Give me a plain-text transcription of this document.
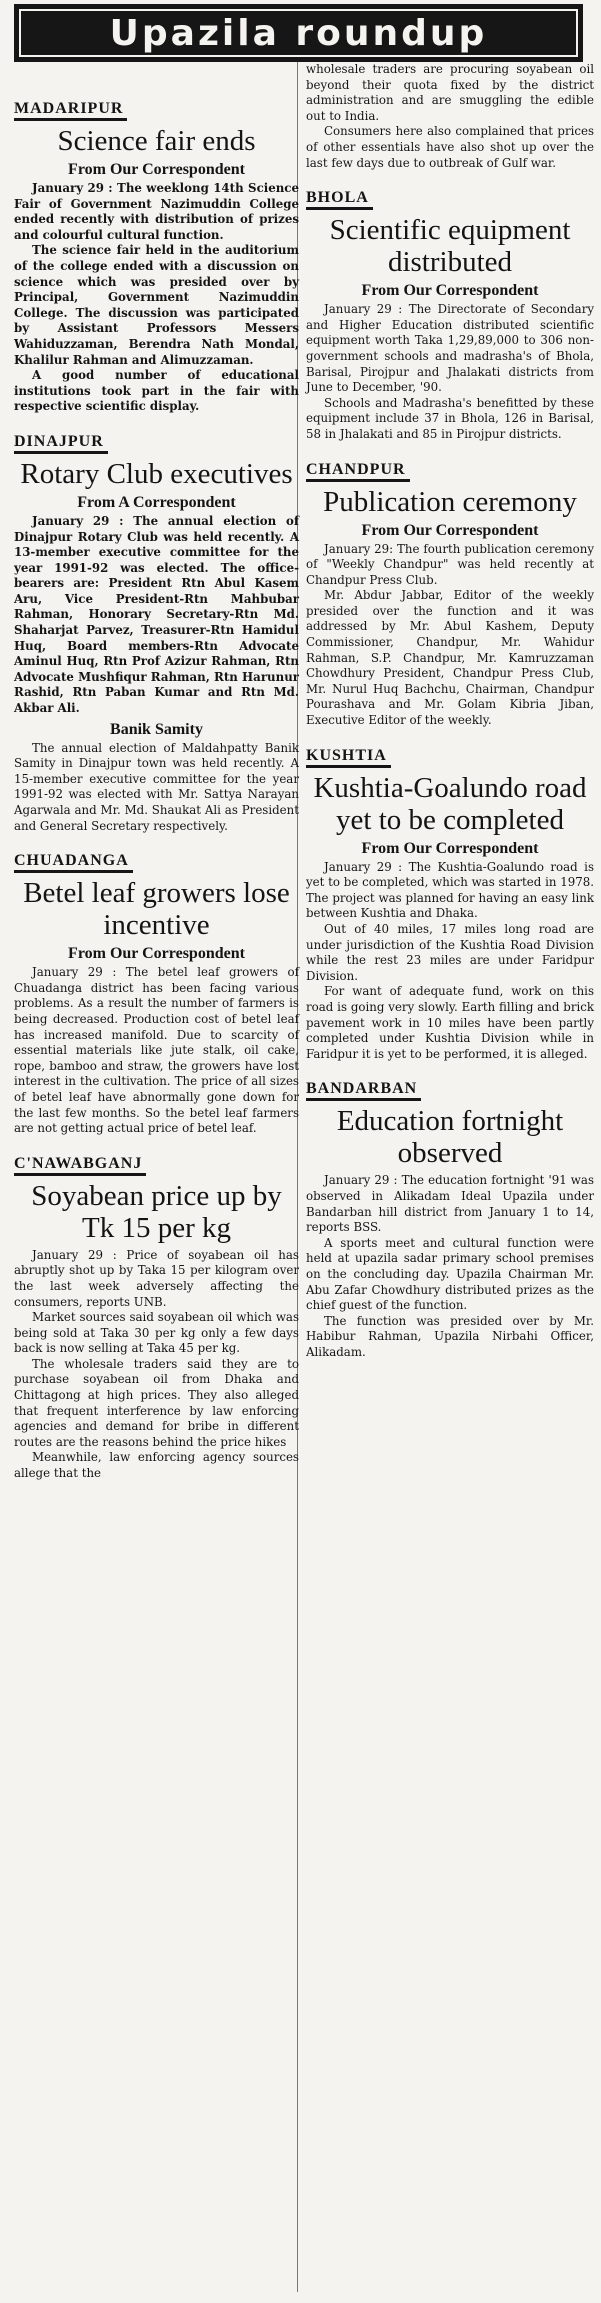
Upazila roundup
MADARIPUR
Science fair ends
From Our Correspondent

January 29 : The weeklong 14th Science Fair of Government Nazimuddin College ended recently with distribution of prizes and colourful cultural function.

The science fair held in the auditorium of the college ended with a discussion on science which was presided over by Principal, Government Nazimuddin College. The discussion was participated by Assistant Professors Messers Wahiduzzaman, Berendra Nath Mondal, Khalilur Rahman and Alimuzzaman.

A good number of educational institutions took part in the fair with respective scientific display.

DINAJPUR
Rotary Club executives
From A Correspondent

January 29 : The annual election of Dinajpur Rotary Club was held recently. A 13-member executive committee for the year 1991-92 was elected. The office-bearers are: President Rtn Abul Kasem Aru, Vice President-Rtn Mahbubar Rahman, Honorary Secretary-Rtn Md. Shaharjat Parvez, Treasurer-Rtn Hamidul Huq, Board members-Rtn Advocate Aminul Huq, Rtn Prof Azizur Rahman, Rtn Advocate Mushfiqur Rahman, Rtn Harunur Rashid, Rtn Paban Kumar and Rtn Md. Akbar Ali.

Banik Samity

The annual election of Maldahpatty Banik Samity in Dinajpur town was held recently. A 15-member executive committee for the year 1991-92 was elected with Mr. Sattya Narayan Agarwala and Mr. Md. Shaukat Ali as President and General Secretary respectively.

CHUADANGA
Betel leaf growers lose incentive
From Our Correspondent

January 29 : The betel leaf growers of Chuadanga district has been facing various problems. As a result the number of farmers is being decreased. Production cost of betel leaf has increased manifold. Due to scarcity of essential materials like jute stalk, oil cake, rope, bamboo and straw, the growers have lost interest in the cultivation. The price of all sizes of betel leaf have abnormally gone down for the last few months. So the betel leaf farmers are not getting actual price of betel leaf.

C'NAWABGANJ
Soyabean price up by Tk 15 per kg

January 29 : Price of soyabean oil has abruptly shot up by Taka 15 per kilogram over the last week adversely affecting the consumers, reports UNB.

Market sources said soyabean oil which was being sold at Taka 30 per kg only a few days back is now selling at Taka 45 per kg.

The wholesale traders said they are to purchase soyabean oil from Dhaka and Chittagong at high prices. They also alleged that frequent interference by law enforcing agencies and demand for bribe in different routes are the reasons behind the price hikes

Meanwhile, law enforcing agency sources allege that the

wholesale traders are procuring soyabean oil beyond their quota fixed by the district administration and are smuggling the edible out to India.

Consumers here also complained that prices of other essentials have also shot up over the last few days due to outbreak of Gulf war.

BHOLA
Scientific equipment distributed
From Our Correspondent

January 29 : The Directorate of Secondary and Higher Education distributed scientific equipment worth Taka 1,29,89,000 to 306 non-government schools and madrasha's of Bhola, Barisal, Pirojpur and Jhalakati districts from June to December, '90.

Schools and Madrasha's benefitted by these equipment include 37 in Bhola, 126 in Barisal, 58 in Jhalakati and 85 in Pirojpur districts.

CHANDPUR
Publication ceremony
From Our Correspondent

January 29: The fourth publication ceremony of "Weekly Chandpur" was held recently at Chandpur Press Club.

Mr. Abdur Jabbar, Editor of the weekly presided over the function and it was addressed by Mr. Abul Kashem, Deputy Commissioner, Chandpur, Mr. Wahidur Rahman, S.P. Chandpur, Mr. Kamruzzaman Chowdhury President, Chandpur Press Club, Mr. Nurul Huq Bachchu, Chairman, Chandpur Pourashava and Mr. Golam Kibria Jiban, Executive Editor of the weekly.

KUSHTIA
Kushtia-Goalundo road yet to be completed
From Our Correspondent

January 29 : The Kushtia-Goalundo road is yet to be completed, which was started in 1978. The project was planned for having an easy link between Kushtia and Dhaka.

Out of 40 miles, 17 miles long road are under jurisdiction of the Kushtia Road Division while the rest 23 miles are under Faridpur Division.

For want of adequate fund, work on this road is going very slowly. Earth filling and brick pavement work in 10 miles have been partly completed under Kushtia Division while in Faridpur it is yet to be performed, it is alleged.

BANDARBAN
Education fortnight observed

January 29 : The education fortnight '91 was observed in Alikadam Ideal Upazila under Bandarban hill district from January 1 to 14, reports BSS.

A sports meet and cultural function were held at upazila sadar primary school premises on the concluding day. Upazila Chairman Mr. Abu Zafar Chowdhury distributed prizes as the chief guest of the function.

The function was presided over by Mr. Habibur Rahman, Upazila Nirbahi Officer, Alikadam.
